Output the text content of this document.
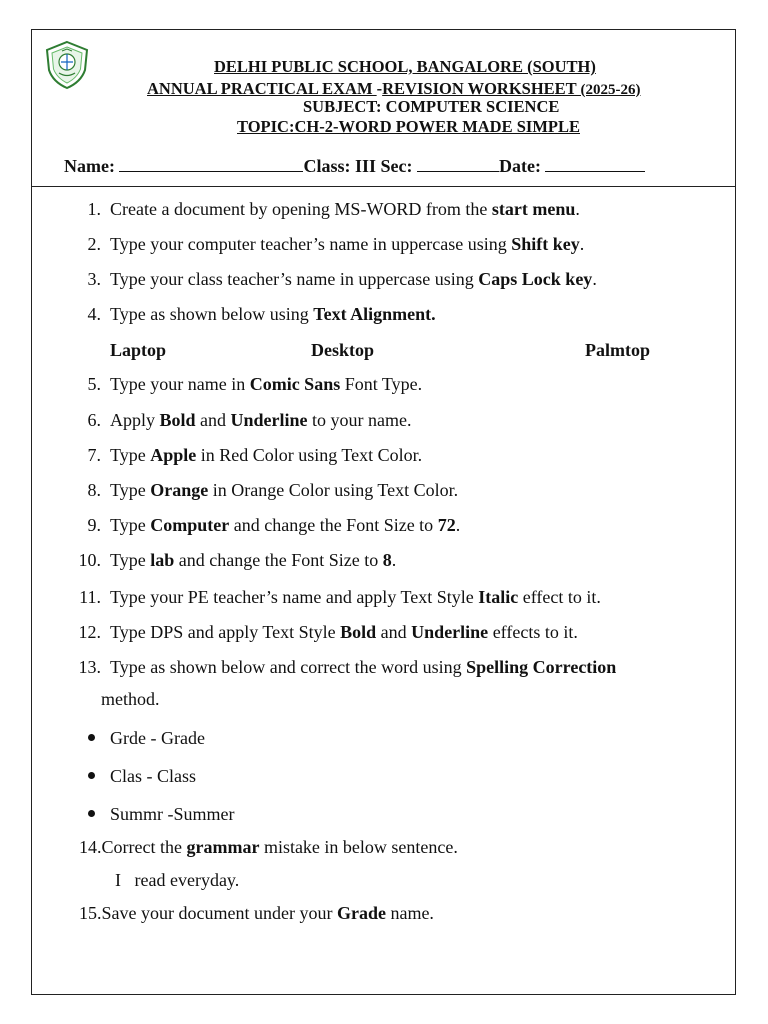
DELHI PUBLIC SCHOOL, BANGALORE (SOUTH)
ANNUAL PRACTICAL EXAM -REVISION WORKSHEET (2025-26)
SUBJECT: COMPUTER SCIENCE
TOPIC:CH-2-WORD POWER MADE SIMPLE
Name:	Class: III Sec:	Date:
1. Create a document by opening MS-WORD from the start menu.
2. Type your computer teacher’s name in uppercase using Shift key.
3. Type your class teacher’s name in uppercase using Caps Lock key.
4. Type as shown below using Text Alignment.
5. Type your name in Comic Sans Font Type.
6. Apply Bold and Underline to your name.
7. Type Apple in Red Color using Text Color.
8. Type Orange in Orange Color using Text Color.
9. Type Computer and change the Font Size to 72.
10. Type lab and change the Font Size to 8.
11. Type your PE teacher’s name and apply Text Style Italic effect to it.
12. Type DPS and apply Text Style Bold and Underline effects to it.
13. Type as shown below and correct the word using Spelling Correction
Laptop	Desktop	Palmtop
method.
Grde - Grade
Clas - Class
Summr -Summer
14.Correct the grammar mistake in below sentence.
I   read everyday.
15.Save your document under your Grade name.
